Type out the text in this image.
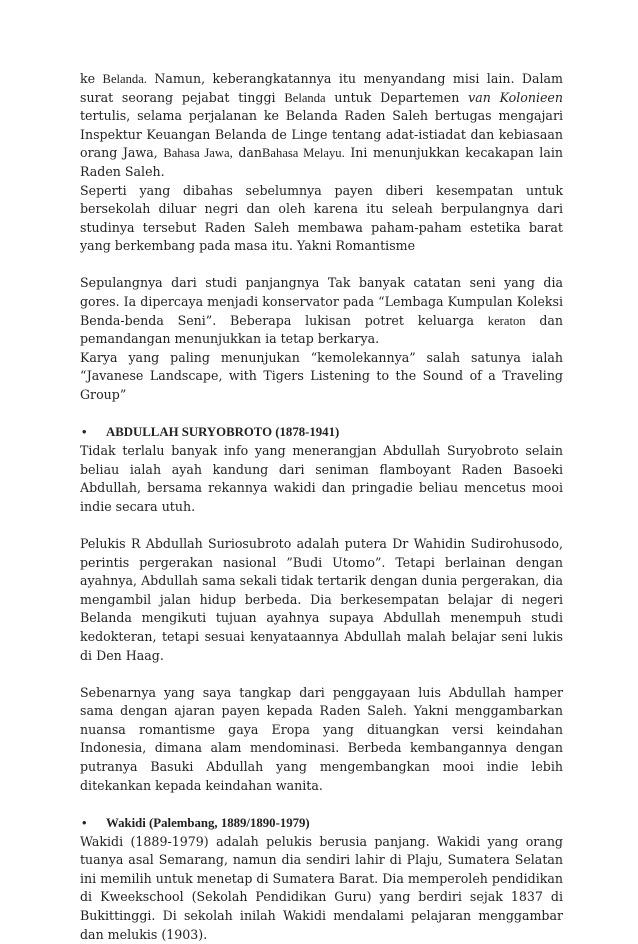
ke Belanda. Namun, keberangkatannya itu menyandang misi lain. Dalam surat seorang pejabat tinggi Belanda untuk Departemen van Kolonieen tertulis, selama perjalanan ke Belanda Raden Saleh bertugas mengajari Inspektur Keuangan Belanda de Linge tentang adat-istiadat dan kebiasaan orang Jawa, Bahasa Jawa, danBahasa Melayu. Ini menunjukkan kecakapan lain Raden Saleh.

Seperti yang dibahas sebelumnya payen diberi kesempatan untuk bersekolah diluar negri dan oleh karena itu seleah berpulangnya dari studinya tersebut Raden Saleh membawa paham-paham estetika barat yang berkembang pada masa itu. Yakni Romantisme

Sepulangnya dari studi panjangnya Tak banyak catatan seni yang dia gores. Ia dipercaya menjadi konservator pada “Lembaga Kumpulan Koleksi Benda-benda Seni”. Beberapa lukisan potret keluarga keraton dan pemandangan menunjukkan ia tetap berkarya.

Karya yang paling menunjukan “kemolekannya” salah satunya ialah “Javanese Landscape, with Tigers Listening to the Sound of a Traveling Group”

• ABDULLAH SURYOBROTO (1878-1941)

Tidak terlalu banyak info yang menerangjan Abdullah Suryobroto selain beliau ialah ayah kandung dari seniman flamboyant Raden Basoeki Abdullah, bersama rekannya wakidi dan pringadie beliau mencetus mooi indie secara utuh.

Pelukis R Abdullah Suriosubroto adalah putera Dr Wahidin Sudirohusodo, perintis pergerakan nasional ”Budi Utomo”. Tetapi berlainan dengan ayahnya, Abdullah sama sekali tidak tertarik dengan dunia pergerakan, dia mengambil jalan hidup berbeda. Dia berkesempatan belajar di negeri Belanda mengikuti tujuan ayahnya supaya Abdullah menempuh studi kedokteran, tetapi sesuai kenyataannya Abdullah malah belajar seni lukis di Den Haag.

Sebenarnya yang saya tangkap dari penggayaan luis Abdullah hamper sama dengan ajaran payen kepada Raden Saleh. Yakni menggambarkan nuansa romantisme gaya Eropa yang dituangkan versi keindahan Indonesia, dimana alam mendominasi. Berbeda kembangannya dengan putranya Basuki Abdullah yang mengembangkan mooi indie lebih ditekankan kepada keindahan wanita.

• Wakidi (Palembang, 1889/1890-1979)

Wakidi (1889-1979) adalah pelukis berusia panjang. Wakidi yang orang tuanya asal Semarang, namun dia sendiri lahir di Plaju, Sumatera Selatan ini memilih untuk menetap di Sumatera Barat. Dia memperoleh pendidikan di Kweekschool (Sekolah Pendidikan Guru) yang berdiri sejak 1837 di Bukittinggi. Di sekolah inilah Wakidi mendalami pelajaran menggambar dan melukis (1903).
